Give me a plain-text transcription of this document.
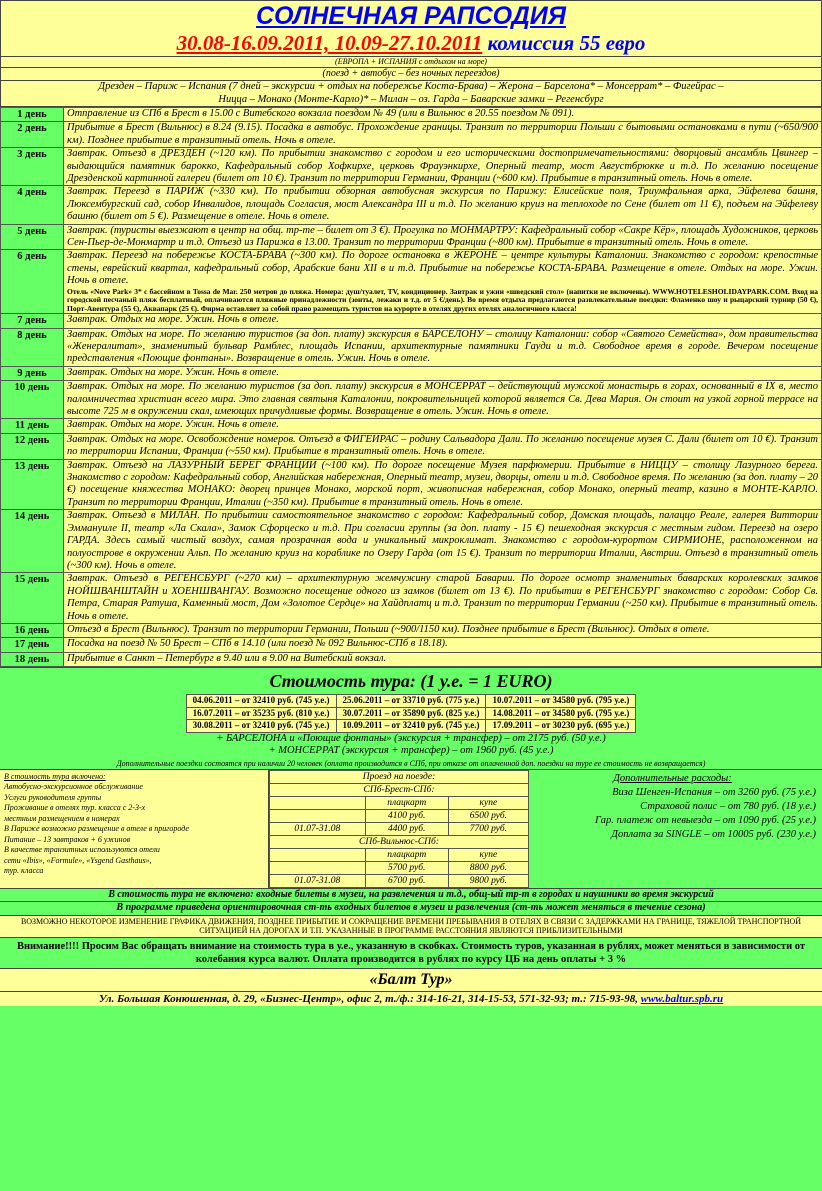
СОЛНЕЧНАЯ РАПСОДИЯ
30.08-16.09.2011, 10.09-27.10.2011 комиссия 55 евро
(ЕВРОПА + ИСПАНИЯ с отдыхом на море)
(поезд + автобус – без ночных переездов)
Дрезден – Париж – Испания (7 дней – экскурсии + отдых на побережье Коста-Брава) – Жерона – Барселона* – Монсеррат* – Фигейрас –
Ницца – Монако (Монте-Карло)* – Милан – оз. Гарда – Баварские замки – Регенсбург
1 день	Отправление из СПб в Брест в 15.00 с Витебского вокзала поездом № 49 (или в Вильнюс в 20.55 поездом № 091).

2 день	Прибытие в Брест (Вильнюс) в 8.24 (9.15). Посадка в автобус. Прохождение границы. Транзит по территории Польши с бытовыми остановками в пути (~650/900 км). Позднее прибытие в транзитный отель. Ночь в отеле.

3 день	Завтрак. Отъезд в ДРЕЗДЕН (~120 км). По прибытии знакомство с городом и его историческими достопримечательностями: дворцовый ансамбль Цвингер – выдающийся памятник барокко, Кафедральный собор Хофкирхе, церковь Фрауэнкирхе, Оперный театр, мост Августбрюкке и т.д. По желанию посещение Дрезденской картинной галереи (билет от 10 €). Транзит по территории Германии, Франции (~600 км). Прибытие в транзитный отель. Ночь в отеле.

4 день	Завтрак. Переезд в ПАРИЖ (~330 км). По прибытии обзорная автобусная экскурсия по Парижу: Елисейские поля, Триумфальная арка, Эйфелева башня, Люксембургский сад, собор Инвалидов, площадь Согласия, мост Александра III и т.д. По желанию круиз на теплоходе по Сене (билет от 11 €), подъем на Эйфелеву башню (билет от 5 €). Размещение в отеле. Ночь в отеле.

5 день	Завтрак. (туристы выезжают в центр на общ. тр-те – билет от 3 €). Прогулка по МОНМАРТРУ: Кафедральный собор «Сакре Кёр», площадь Художников, церковь Сен-Пьер-де-Монмартр и т.д. Отъезд из Парижа в 13.00. Транзит по территории Франции (~800 км). Прибытие в транзитный отель. Ночь в отеле.

6 день	Завтрак. Переезд на побережье КОСТА-БРАВА (~300 км). По дороге остановка в ЖЕРОНЕ – центре культуры Каталонии. Знакомство с городом: крепостные стены, еврейский квартал, кафедральный собор, Арабские бани XII в и т.д. Прибытие на побережье КОСТА-БРАВА. Размещение в отеле. Отдых на море. Ужин. Ночь в отеле.
Отель «Nove Park» 3* с бассейном в Tossa de Mar. 250 метров до пляжа. Номера: душ/туалет, TV, кондиционер. Завтрак и ужин «шведский стол» (напитки не включены). WWW.HOTELESHOLIDAYPARK.COM. Вход на городской песчаный пляж бесплатный, оплачиваются пляжные принадлежности (зонты, лежаки и т.д. от 5 €/день). Во время отдыха предлагаются развлекательные поездки: Фламенко шоу и рыцарский турнир (50 €), Порт-Авентура (55 €), Аквапарк (25 €). Фирма оставляет за собой право размещать туристов на курорте в отелях других отелях аналогичного класса!

7 день	Завтрак. Отдых на море. Ужин. Ночь в отеле.

8 день	Завтрак. Отдых на море. По желанию туристов (за доп. плату) экскурсия в БАРСЕЛОНУ – столицу Каталонии: собор «Святого Семейства», дом правительства «Женералитат», знаменитый бульвар Рамблес, площадь Испании, архитектурные памятники Гауди и т.д. Свободное время в городе. Вечером посещение представления «Поющие фонтаны». Возвращение в отель. Ужин. Ночь в отеле.

9 день	Завтрак. Отдых на море. Ужин. Ночь в отеле.

10 день	Завтрак. Отдых на море. По желанию туристов (за доп. плату) экскурсия в МОНСЕРРАТ – действующий мужской монастырь в горах, основанный в IX в, место паломничества христиан всего мира. Это главная святыня Каталонии, покровительницей которой является Св. Дева Мария. Он стоит на узкой горной террасе на высоте 725 м в окружении скал, имеющих причудливые формы. Возвращение в отель. Ужин. Ночь в отеле.

11 день	Завтрак. Отдых на море. Ужин. Ночь в отеле.

12 день	Завтрак. Отдых на море. Освобождение номеров. Отъезд в ФИГЕИРАС – родину Сальвадора Дали. По желанию посещение музея С. Дали (билет от 10 €). Транзит по территории Испании, Франции (~550 км). Прибытие в транзитный отель. Ночь в отеле.

13 день	Завтрак. Отъезд на ЛАЗУРНЫЙ БЕРЕГ ФРАНЦИИ (~100 км). По дороге посещение Музея парфюмерии. Прибытие в НИЦЦУ – столицу Лазурного берега. Знакомство с городом: Кафедральный собор, Английская набережная, Оперный театр, музеи, дворцы, отели и т.д. Свободное время. По желанию (за доп. плату – 20 €) посещение княжества МОНАКО: дворец принцев Монако, морской порт, живописная набережная, собор Монако, оперный театр, казино в МОНТЕ-КАРЛО. Транзит по территории Франции, Италии (~350 км). Прибытие в транзитный отель. Ночь в отеле.

14 день	Завтрак. Отъезд в МИЛАН. По прибытии самостоятельное знакомство с городом: Кафедральный собор, Домская площадь, палаццо Реале, галерея Виттории Эммануиле II, театр «Ла Скала», Замок Сфорцеско и т.д. При согласии группы (за доп. плату - 15 €) пешеходная экскурсия с местным гидом. Переезд на озеро ГАРДА. Здесь самый чистый воздух, самая прозрачная вода и уникальный микроклимат. Знакомство с городом-курортом СИРМИОНЕ, расположенном на полуострове в окружении Альп. По желанию круиз на кораблике по Озеру Гарда (от 15 €). Транзит по территории Италии, Австрии. Отъезд в транзитный отель (~300 км). Ночь в отеле.

15 день	Завтрак. Отъезд в РЕГЕНСБУРГ (~270 км) – архитектурную жемчужину старой Баварии. По дороге осмотр знаменитых баварских королевских замков НОЙШВАНШТАЙН и ХОЕНШВАНГАУ. Возможно посещение одного из замков (билет от 13 €). По прибытии в РЕГЕНСБУРГ знакомство с городом: Собор Св. Петра, Старая Ратуша, Каменный мост, Дом «Золотое Сердце» на Хайдплатц и т.д. Транзит по территории Германии (~250 км). Прибытие в транзитный отель. Ночь в отеле.

16 день	Отъезд в Брест (Вильнюс). Транзит по территории Германии, Польши (~900/1150 км). Позднее прибытие в Брест (Вильнюс). Отдых в отеле.

17 день	Посадка на поезд № 50 Брест – СПб в 14.10 (или поезд № 092 Вильнюс-СПб в 18.18).

18 день	Прибытие в Санкт – Петербург в 9.40 или в 9.00 на Витебский вокзал.
Стоимость тура: (1 у.е. = 1 EURO)
04.06.2011 – от 32410 руб. (745 у.е.)	25.06.2011 – от 33710 руб. (775 у.е.)	10.07.2011 – от 34580 руб. (795 у.е.)
16.07.2011 – от 35235 руб. (810 у.е.)	30.07.2011 – от 35890 руб. (825 у.е.)	14.08.2011 – от 34580 руб. (795 у.е.)
30.08.2011 – от 32410 руб. (745 у.е.)	10.09.2011 – от 32410 руб. (745 у.е.)	17.09.2011 – от 30230 руб. (695 у.е.)
+ БАРСЕЛОНА и «Поющие фонтаны» (экскурсия + трансфер) – от 2175 руб. (50 у.е.)
+ МОНСЕРРАТ (экскурсия + трансфер) – от 1960 руб. (45 у.е.)
Дополнительные поездки состоятся при наличии 20 человек (оплата производится в СПб, при отказе от оплаченной доп. поездки на туре ее стоимость не возвращается)
В стоимость тура включено:
Автобусно-экскурсионное обслуживание
Услуги руководителя группы
Проживание в отелях тур. класса с 2-3-х
местным размещением в номерах
В Париже возможно размещение в отеле в пригороде
Питание – 13 завтраков + 6 ужинов
В качестве транзитных используются отели
сети «Ibis», «Formule», «Ysgend Gasthaus»,
тур. класса
Проезд на поезде:		
СПб-Брест-СПб:		
	плацкарт	купе
	4100 руб.	6500 руб.
01.07-31.08	4400 руб.	7700 руб.
СПб-Вильнюс-СПб:		
	плацкарт	купе
	5700 руб.	8800 руб.
01.07-31.08	6700 руб.	9800 руб.
Дополнительные расходы:
Виза Шенген-Испания – от 3260 руб. (75 у.е.)
Страховой полис – от 780 руб. (18 у.е.)
Гар. платеж от невыезда – от 1090 руб. (25 у.е.)
Доплата за SINGLE – от 10005 руб. (230 у.е.)
В стоимость тура не включено: входные билеты в музеи, на развлечения и т.д., общ-ый тр-т в городах и наушники во время экскурсий
В программе приведена ориентировочная ст-ть входных билетов в музеи и развлечения (ст-ть может меняться в течение сезона)
ВОЗМОЖНО НЕКОТОРОЕ ИЗМЕНЕНИЕ ГРАФИКА ДВИЖЕНИЯ, ПОЗДНЕЕ ПРИБЫТИЕ И СОКРАЩЕНИЕ ВРЕМЕНИ ПРЕБЫВАНИЯ В ОТЕЛЯХ В СВЯЗИ С ЗАДЕРЖКАМИ НА ГРАНИЦЕ, ТЯЖЕЛОЙ ТРАНСПОРТНОЙ СИТУАЦИЕЙ НА ДОРОГАХ И Т.П. УКАЗАННЫЕ В ПРОГРАММЕ РАССТОЯНИЯ ЯВЛЯЮТСЯ ПРИБЛИЗИТЕЛЬНЫМИ
Внимание!!!! Просим Вас обращать внимание на стоимость тура в у.е., указанную в скобках. Стоимость туров, указанная в рублях, может меняться в зависимости от колебания курса валют. Оплата производится в рублях по курсу ЦБ на день оплаты + 3 %
«Балт Тур»
Ул. Большая Конюшенная, д. 29, «Бизнес-Центр», офис 2, т./ф.: 314-16-21, 314-15-53, 571-32-93; т.: 715-93-98, www.baltur.spb.ru
